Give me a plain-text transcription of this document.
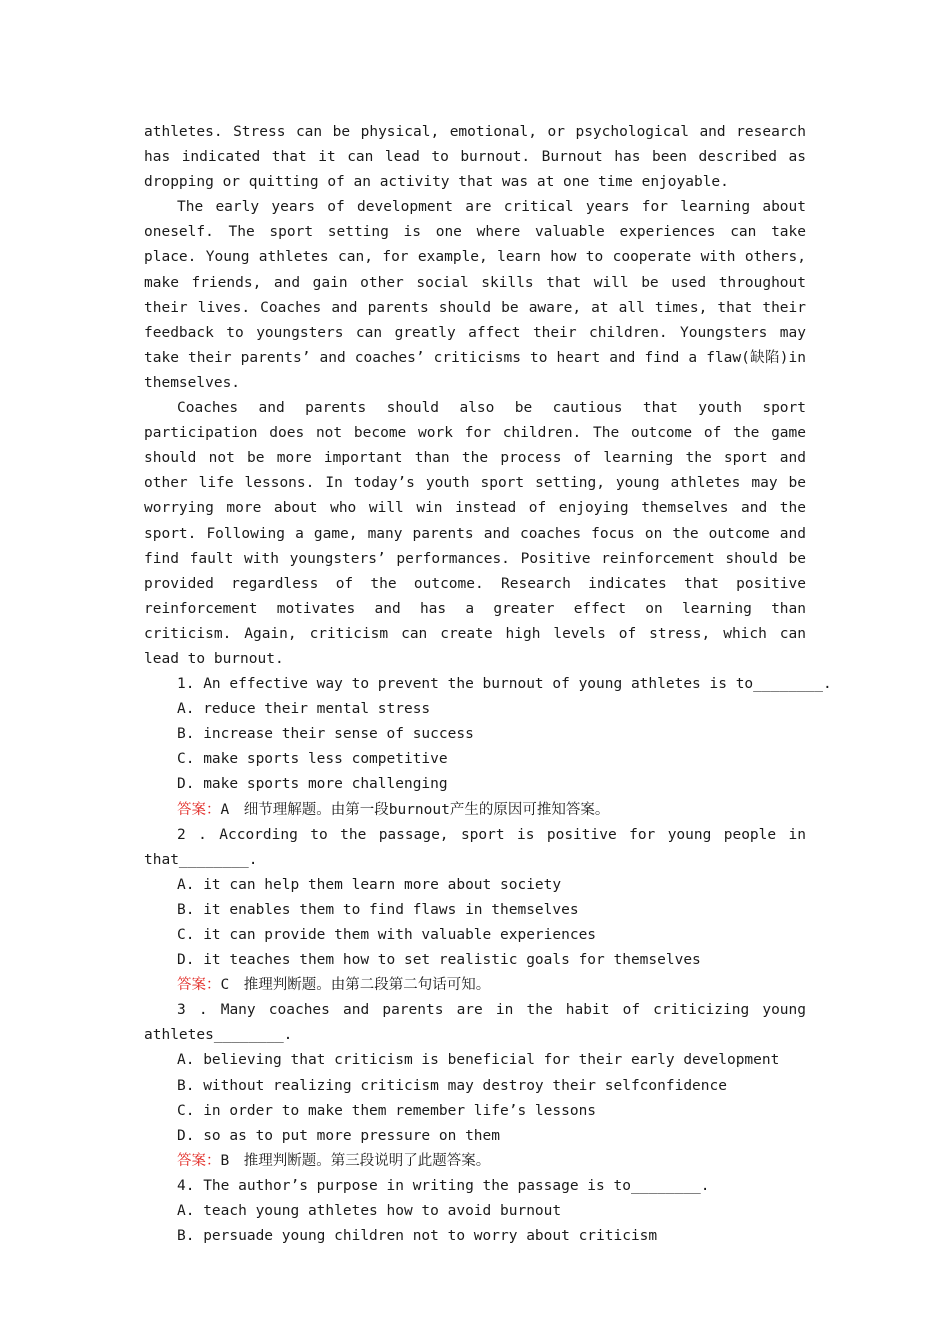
athletes. Stress can be physical, emotional, or psychological and research has indicated that it can lead to burnout. Burnout has been described as dropping or quitting of an activity that was at one time enjoyable.

The early years of development are critical years for learning about oneself. The sport setting is one where valuable experiences can take place. Young athletes can, for example, learn how to cooperate with others, make friends, and gain other social skills that will be used throughout their lives. Coaches and parents should be aware, at all times, that their feedback to youngsters can greatly affect their children. Youngsters may take their parents’ and coaches’ criticisms to heart and find a flaw(缺陷)in themselves.

Coaches and parents should also be cautious that youth sport participation does not become work for children. The outcome of the game should not be more important than the process of learning the sport and other life lessons. In today’s youth sport setting, young athletes may be worrying more about who will win instead of enjoying themselves and the sport. Following a game, many parents and coaches focus on the outcome and find fault with youngsters’ performances. Positive reinforcement should be provided regardless of the outcome. Research indicates that positive reinforcement motivates and has a greater effect on learning than criticism. Again, criticism can create high levels of stress, which can lead to burnout.

1. An effective way to prevent the burnout of young athletes is to________.

A. reduce their mental stress

B. increase their sense of success

C. make sports less competitive

D. make sports more challenging

答案：A　细节理解题。由第一段burnout产生的原因可推知答案。

2 . According to the passage, sport is positive for young people in that________.

A. it can help them learn more about society

B. it enables them to find flaws in themselves

C. it can provide them with valuable experiences

D. it teaches them how to set realistic goals for themselves

答案：C　推理判断题。由第二段第二句话可知。

3 . Many coaches and parents are in the habit of criticizing young athletes________.

A. believing that criticism is beneficial for their early development

B. without realizing criticism may destroy their selfconfidence

C. in order to make them remember life’s lessons

D. so as to put more pressure on them

答案：B　推理判断题。第三段说明了此题答案。

4. The author’s purpose in writing the passage is to________.

A. teach young athletes how to avoid burnout

B. persuade young children not to worry about criticism
